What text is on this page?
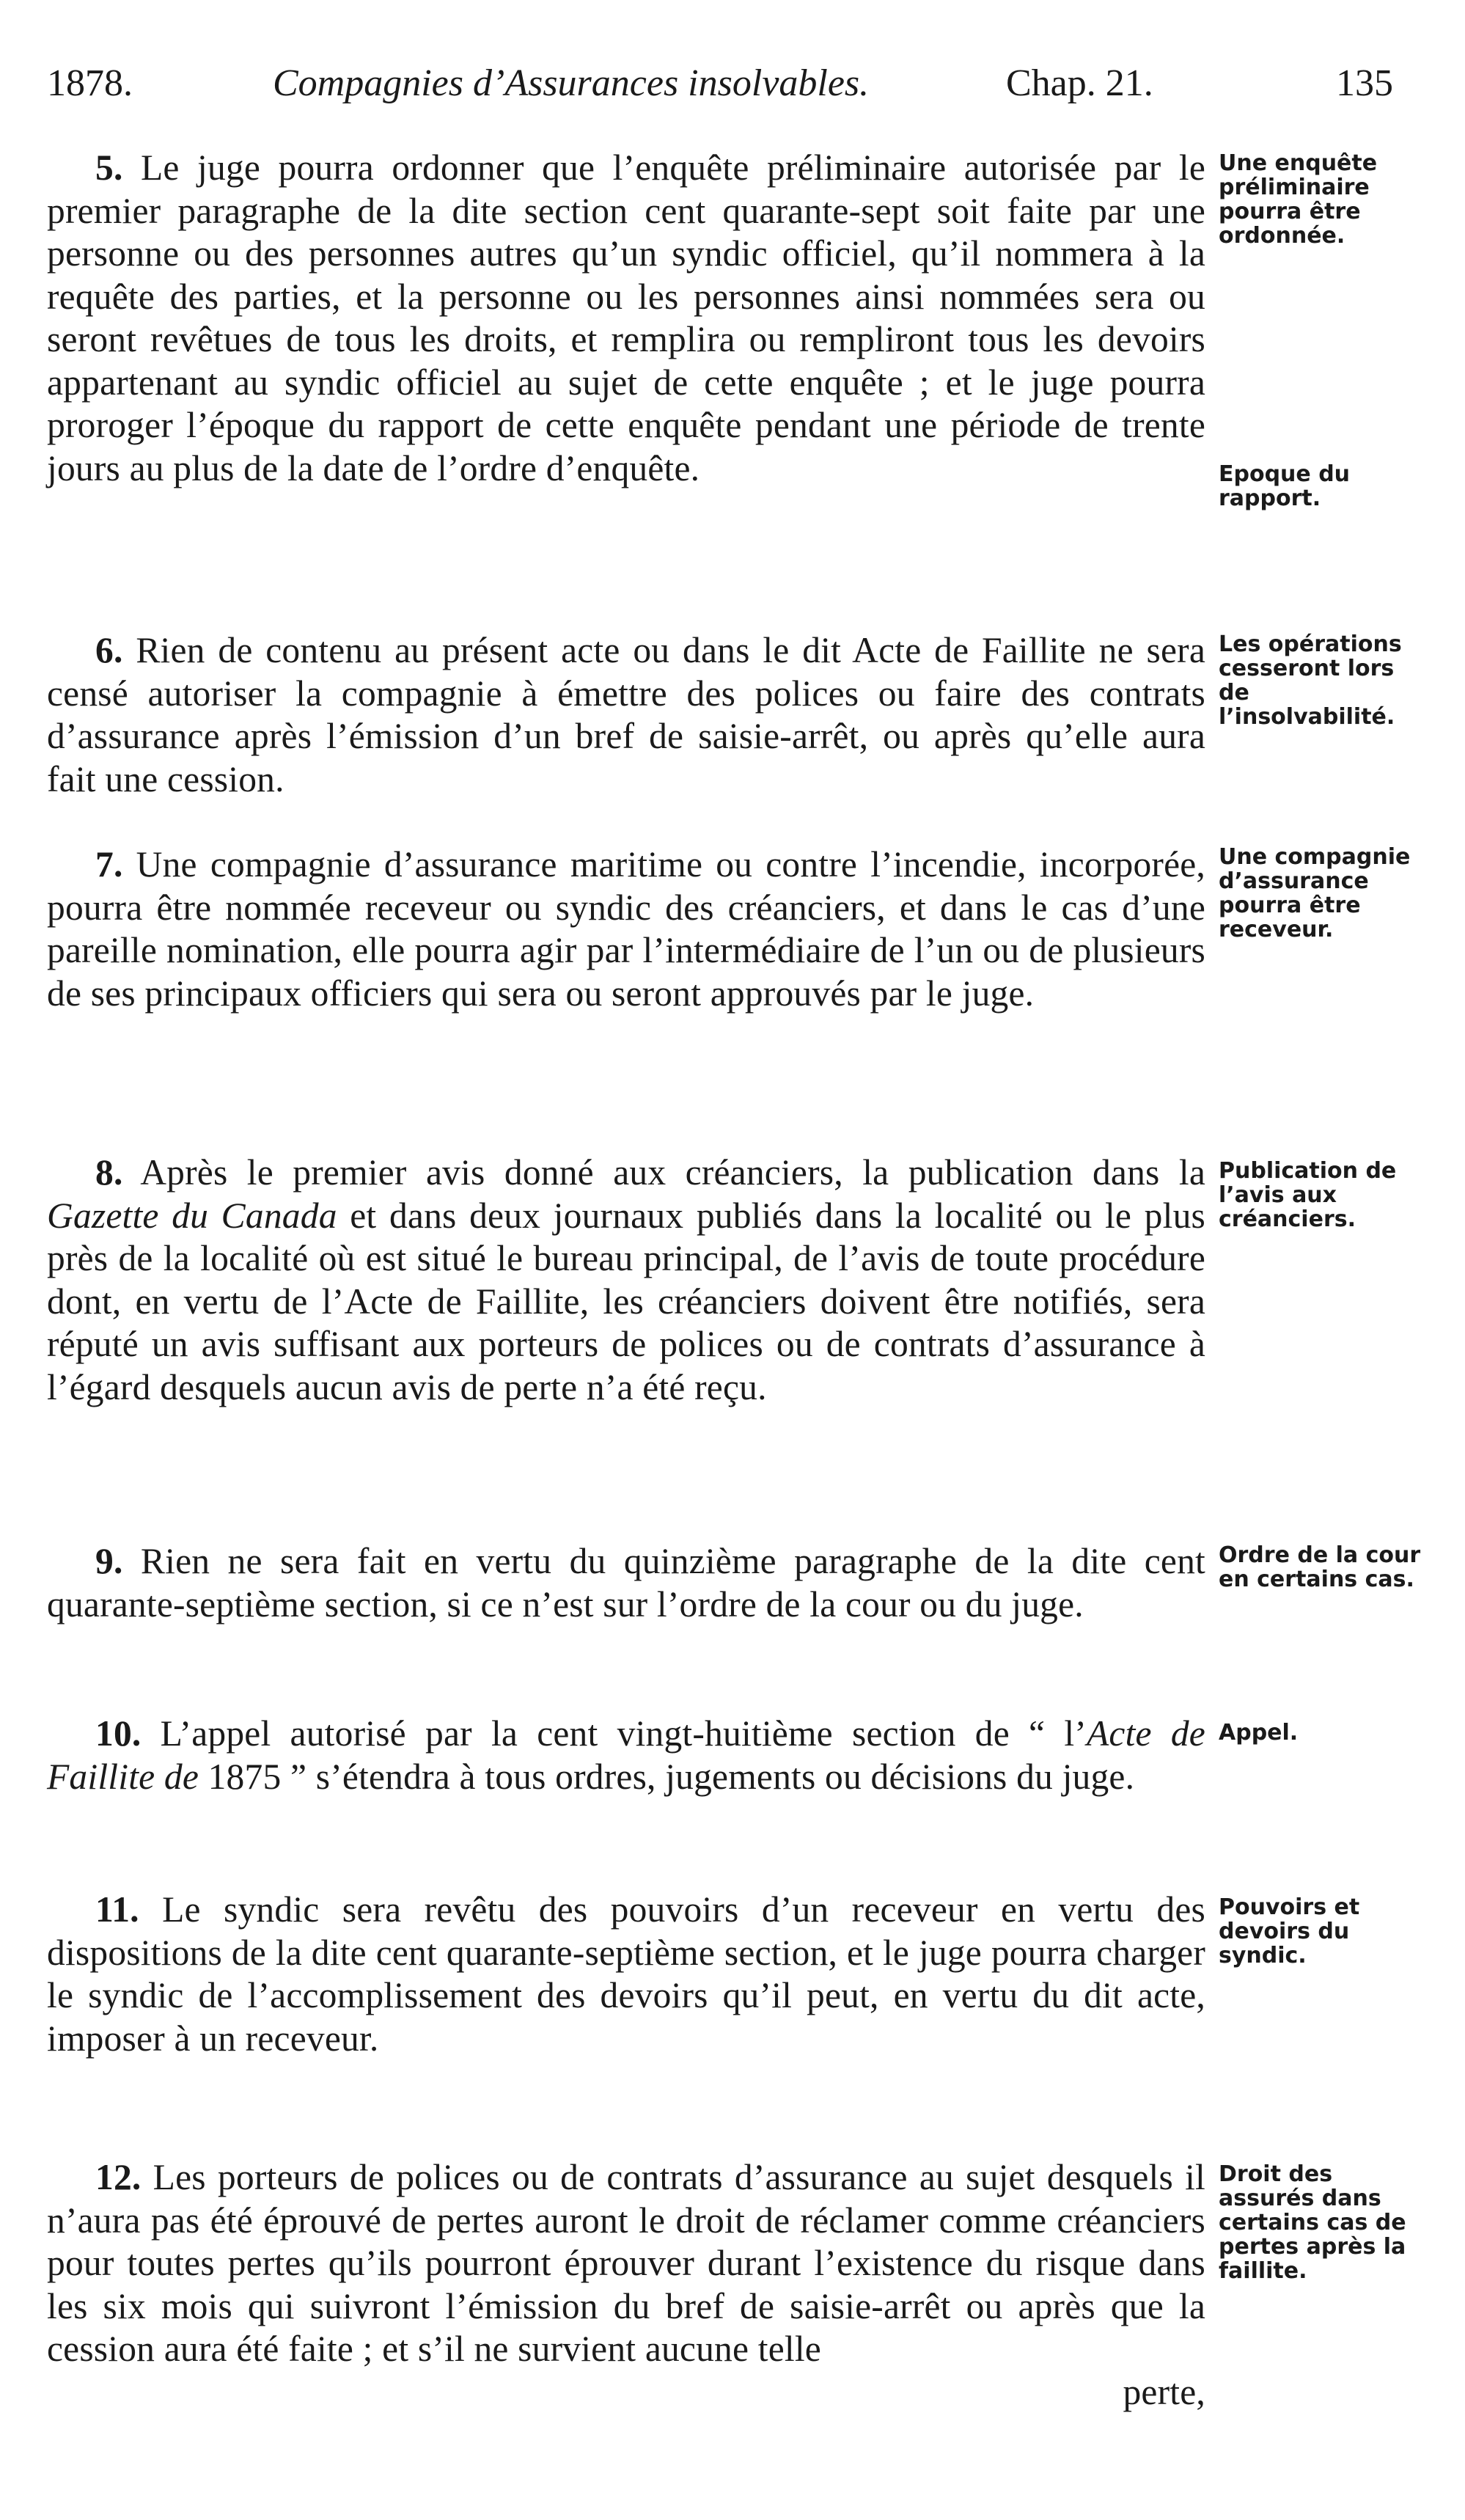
1878.	Compagnies d’Assurances insolvables.	Chap. 21.	135

5. Le juge pourra ordonner que l’enquête préliminaire autorisée par le premier paragraphe de la dite section cent quarante-sept soit faite par une personne ou des personnes autres qu’un syndic officiel, qu’il nommera à la requête des parties, et la personne ou les personnes ainsi nommées sera ou seront revêtues de tous les droits, et remplira ou rempliront tous les devoirs appartenant au syndic officiel au sujet de cette enquête ; et le juge pourra proroger l’époque du rapport de cette enquête pendant une période de trente jours au plus de la date de l’ordre d’enquête.

Une enquête préliminaire pourra être ordonnée.

Epoque du rapport.

6. Rien de contenu au présent acte ou dans le dit Acte de Faillite ne sera censé autoriser la compagnie à émettre des polices ou faire des contrats d’assurance après l’émission d’un bref de saisie-arrêt, ou après qu’elle aura fait une cession.

Les opérations cesseront lors de l’insolvabilité.

7. Une compagnie d’assurance maritime ou contre l’incendie, incorporée, pourra être nommée receveur ou syndic des créanciers, et dans le cas d’une pareille nomination, elle pourra agir par l’intermédiaire de l’un ou de plusieurs de ses principaux officiers qui sera ou seront approuvés par le juge.

Une compagnie d’assurance pourra être receveur.

8. Après le premier avis donné aux créanciers, la publication dans la Gazette du Canada et dans deux journaux publiés dans la localité ou le plus près de la localité où est situé le bureau principal, de l’avis de toute procédure dont, en vertu de l’Acte de Faillite, les créanciers doivent être notifiés, sera réputé un avis suffisant aux porteurs de polices ou de contrats d’assurance à l’égard desquels aucun avis de perte n’a été reçu.

Publication de l’avis aux créanciers.

9. Rien ne sera fait en vertu du quinzième paragraphe de la dite cent quarante-septième section, si ce n’est sur l’ordre de la cour ou du juge.

Ordre de la cour en certains cas.

10. L’appel autorisé par la cent vingt-huitième section de “ l’Acte de Faillite de 1875 ” s’étendra à tous ordres, jugements ou décisions du juge.

Appel.

11. Le syndic sera revêtu des pouvoirs d’un receveur en vertu des dispositions de la dite cent quarante-septième section, et le juge pourra charger le syndic de l’accomplissement des devoirs qu’il peut, en vertu du dit acte, imposer à un receveur.

Pouvoirs et devoirs du syndic.

12. Les porteurs de polices ou de contrats d’assurance au sujet desquels il n’aura pas été éprouvé de pertes auront le droit de réclamer comme créanciers pour toutes pertes qu’ils pourront éprouver durant l’existence du risque dans les six mois qui suivront l’émission du bref de saisie-arrêt ou après que la cession aura été faite ; et s’il ne survient aucune telle

perte,

Droit des assurés dans certains cas de pertes après la faillite.
